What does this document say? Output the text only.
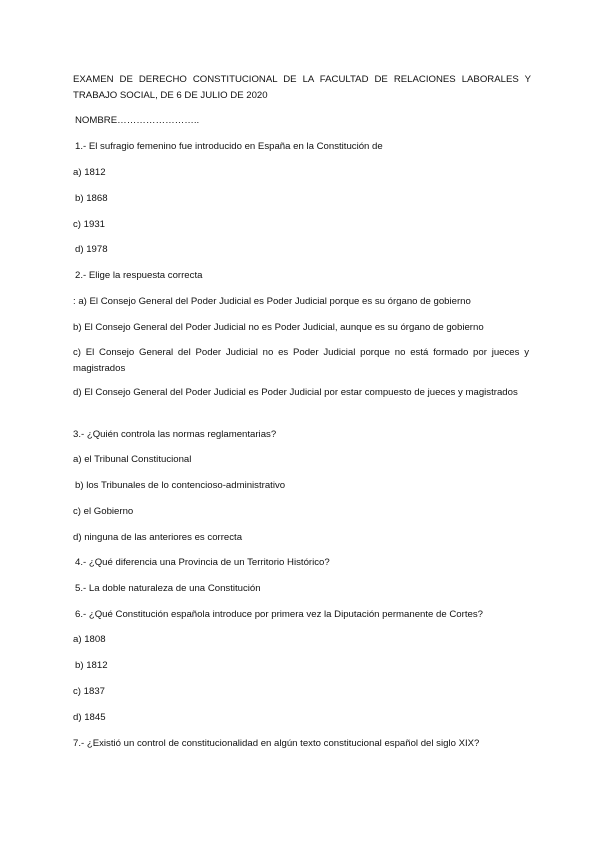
EXAMEN DE DERECHO CONSTITUCIONAL DE LA FACULTAD DE RELACIONES LABORALES Y TRABAJO SOCIAL, DE 6 DE JULIO DE 2020
NOMBRE……………………..
1.- El sufragio femenino fue introducido en España en la Constitución de
a) 1812
b) 1868
c) 1931
d) 1978
2.- Elige la respuesta correcta
: a) El Consejo General del Poder Judicial es Poder Judicial porque es su órgano de gobierno
b) El Consejo General del Poder Judicial no es Poder Judicial, aunque es su órgano de gobierno
c) El Consejo General del Poder Judicial no es Poder Judicial porque no está formado por jueces y magistrados
d) El Consejo General del Poder Judicial es Poder Judicial por estar compuesto de jueces y magistrados
3.- ¿Quién controla las normas reglamentarias?
a) el Tribunal Constitucional
b) los Tribunales de lo contencioso-administrativo
c) el Gobierno
d) ninguna de las anteriores es correcta
4.- ¿Qué diferencia una Provincia de un Territorio Histórico?
5.- La doble naturaleza de una Constitución
6.- ¿Qué Constitución española introduce por primera vez la Diputación permanente de Cortes?
a) 1808
b) 1812
c) 1837
d) 1845
7.- ¿Existió un control de constitucionalidad en algún texto constitucional español del siglo XIX?
